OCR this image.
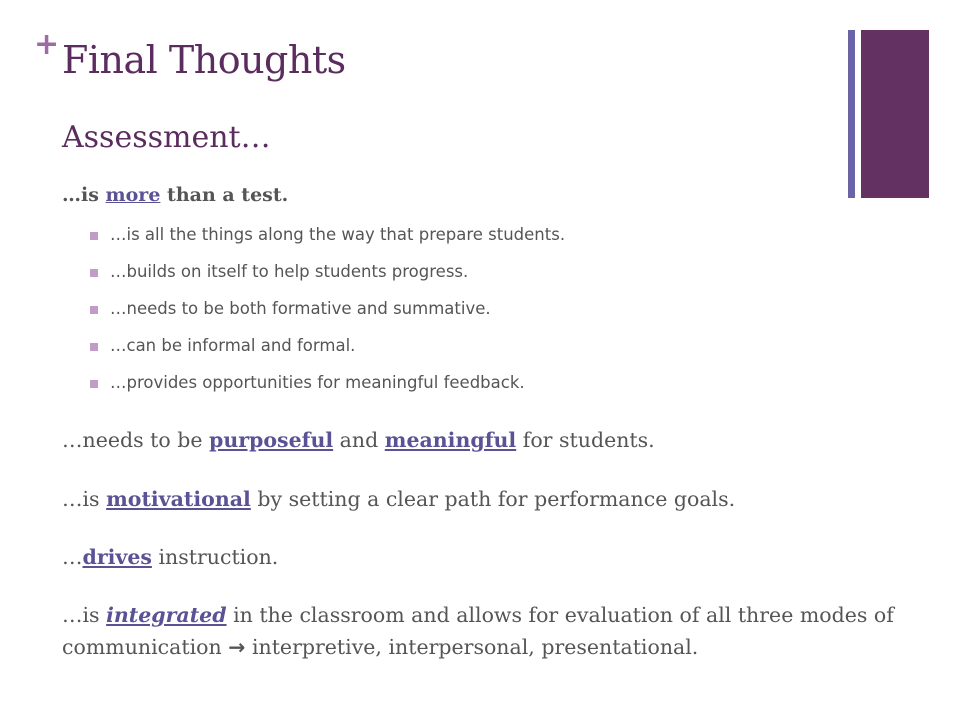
+ Final Thoughts
Assessment…
…is more than a test.
…is all the things along the way that prepare students.
…builds on itself to help students progress.
…needs to be both formative and summative.
…can be informal and formal.
…provides opportunities for meaningful feedback.

…needs to be purposeful and meaningful for students.

…is motivational by setting a clear path for performance goals.

…drives instruction.

…is integrated in the classroom and allows for evaluation of all three modes of communication → interpretive, interpersonal, presentational.
